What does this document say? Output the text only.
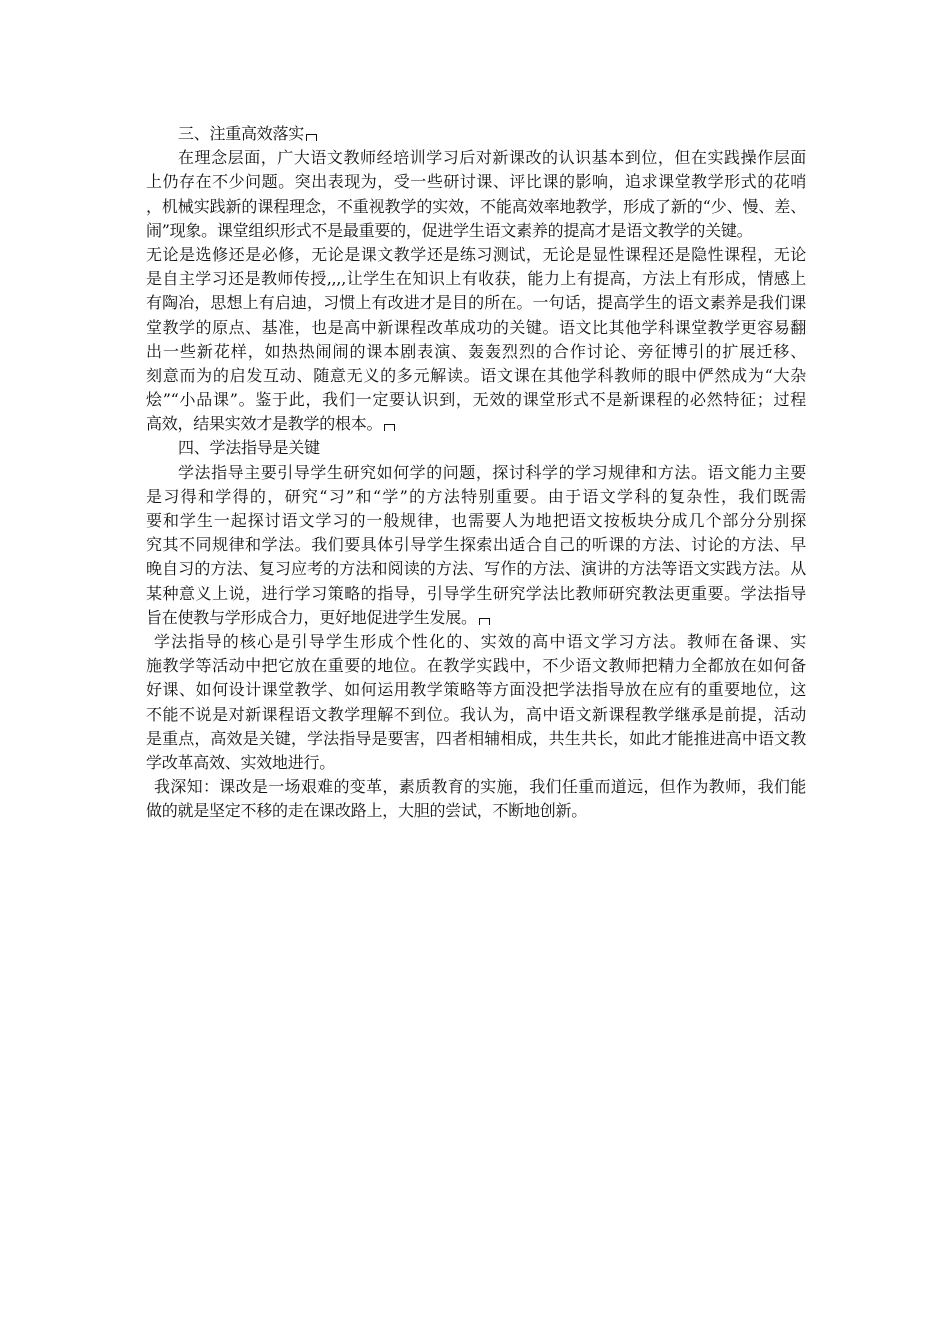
三、注重高效落实
在理念层面，广大语文教师经培训学习后对新课改的认识基本到位，但在实践操作层面
上仍存在不少问题。突出表现为，受一些研讨课、评比课的影响，追求课堂教学形式的花哨
，机械实践新的课程理念，不重视教学的实效，不能高效率地教学，形成了新的“少、慢、差、
闹”现象。课堂组织形式不是最重要的，促进学生语文素养的提高才是语文教学的关键。
无论是选修还是必修，无论是课文教学还是练习测试，无论是显性课程还是隐性课程，无论
是自主学习还是教师传授,,,,让学生在知识上有收获，能力上有提高，方法上有形成，情感上
有陶冶，思想上有启迪，习惯上有改进才是目的所在。一句话，提高学生的语文素养是我们课
堂教学的原点、基准，也是高中新课程改革成功的关键。语文比其他学科课堂教学更容易翻
出一些新花样，如热热闹闹的课本剧表演、轰轰烈烈的合作讨论、旁征博引的扩展迁移、
刻意而为的启发互动、随意无义的多元解读。语文课在其他学科教师的眼中俨然成为“大杂
烩”“小品课”。鉴于此，我们一定要认识到，无效的课堂形式不是新课程的必然特征；过程
高效，结果实效才是教学的根本。
四、学法指导是关键
学法指导主要引导学生研究如何学的问题，探讨科学的学习规律和方法。语文能力主要
是习得和学得的，研究“习”和“学”的方法特别重要。由于语文学科的复杂性，我们既需
要和学生一起探讨语文学习的一般规律，也需要人为地把语文按板块分成几个部分分别探
究其不同规律和学法。我们要具体引导学生探索出适合自己的听课的方法、讨论的方法、早
晚自习的方法、复习应考的方法和阅读的方法、写作的方法、演讲的方法等语文实践方法。从
某种意义上说，进行学习策略的指导，引导学生研究学法比教师研究教法更重要。学法指导
旨在使教与学形成合力，更好地促进学生发展。
学法指导的核心是引导学生形成个性化的、实效的高中语文学习方法。教师在备课、实
施教学等活动中把它放在重要的地位。在教学实践中，不少语文教师把精力全都放在如何备
好课、如何设计课堂教学、如何运用教学策略等方面没把学法指导放在应有的重要地位，这
不能不说是对新课程语文教学理解不到位。我认为，高中语文新课程教学继承是前提，活动
是重点，高效是关键，学法指导是要害，四者相辅相成，共生共长，如此才能推进高中语文教
学改革高效、实效地进行。
我深知：课改是一场艰难的变革，素质教育的实施，我们任重而道远，但作为教师，我们能
做的就是坚定不移的走在课改路上，大胆的尝试，不断地创新。
